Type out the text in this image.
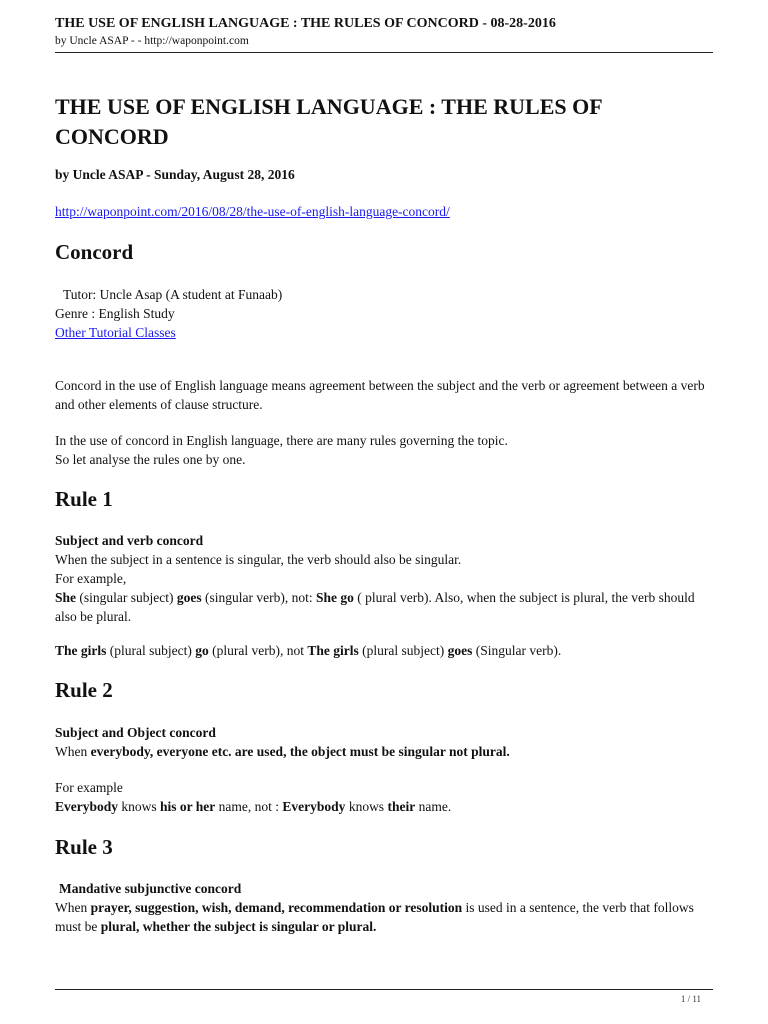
THE USE OF ENGLISH LANGUAGE : THE RULES OF CONCORD - 08-28-2016
by Uncle ASAP - - http://waponpoint.com
THE USE OF ENGLISH LANGUAGE : THE RULES OF CONCORD
by Uncle ASAP - Sunday, August 28, 2016
http://waponpoint.com/2016/08/28/the-use-of-english-language-concord/
Concord
Tutor: Uncle Asap (A student at Funaab)
Genre : English Study
Other Tutorial Classes
Concord in the use of English language means agreement between the subject and the verb or agreement between a verb and other elements of clause structure.
In the use of concord in English language, there are many rules governing the topic.
So let analyse the rules one by one.
Rule 1
Subject and verb concord
When the subject in a sentence is singular, the verb should also be singular.
For example,
She (singular subject) goes (singular verb), not: She go ( plural verb). Also, when the subject is plural, the verb should also be plural.
The girls (plural subject) go (plural verb), not The girls (plural subject) goes (Singular verb).
Rule 2
Subject and Object concord
When everybody, everyone etc. are used, the object must be singular not plural.
For example
Everybody knows his or her name, not : Everybody knows their name.
Rule 3
Mandative subjunctive concord
When prayer, suggestion, wish, demand, recommendation or resolution is used in a sentence, the verb that follows must be plural, whether the subject is singular or plural.
1 / 11
